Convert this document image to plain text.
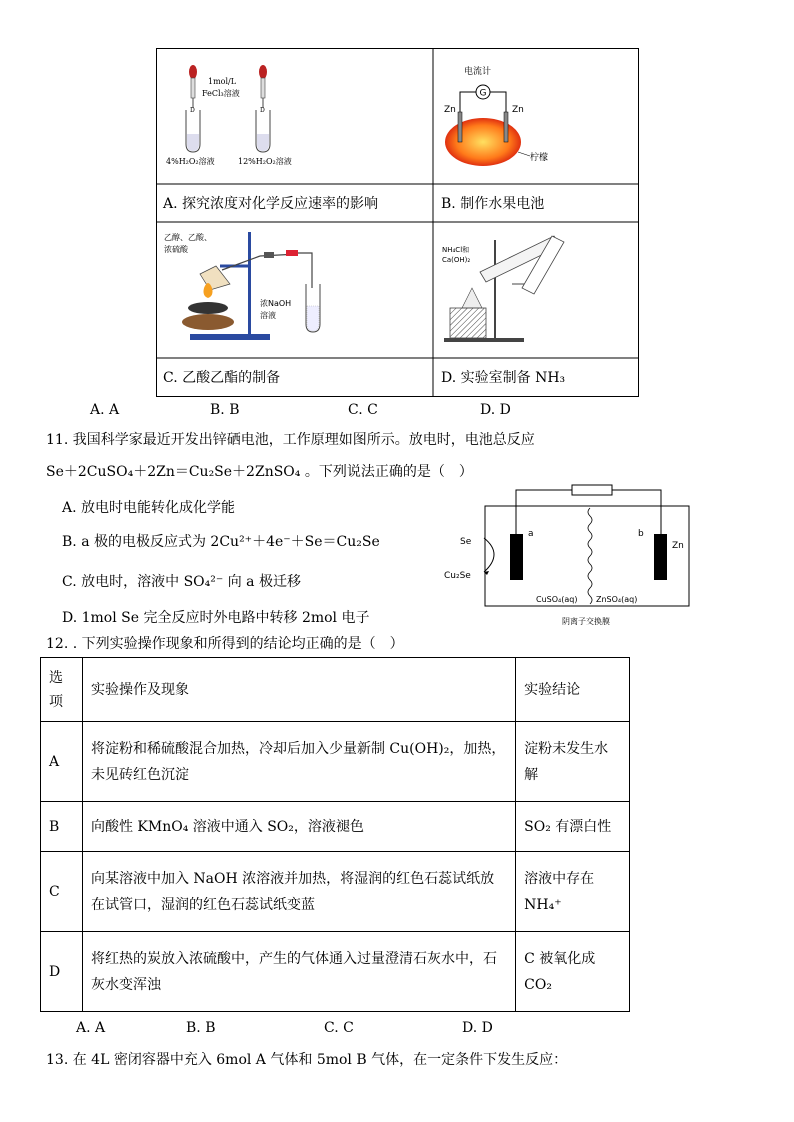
1mol/L
FeCl₃溶液
D	D
4%H₂O₂溶液	12%H₂O₂溶液
电流计
G
Zn	Zn
柠檬
A. 探究浓度对化学反应速率的影响	B. 制作水果电池
乙醇、乙酸、
浓硫酸
浓NaOH
溶液
NH₄Cl和
Ca(OH)₂
C. 乙酸乙酯的制备	D. 实验室制备 NH₃
A. A	B. B	C. C	D. D
11. 我国科学家最近开发出锌硒电池，工作原理如图所示。放电时，电池总反应
Se＋2CuSO₄＋2Zn＝Cu₂Se＋2ZnSO₄ 。下列说法正确的是（　）
A. 放电时电能转化成化学能
B. a 极的电极反应式为 2Cu²⁺＋4e⁻＋Se＝Cu₂Se
C. 放电时，溶液中 SO₄²⁻ 向 a 极迁移
D. 1mol Se 完全反应时外电路中转移 2mol 电子
Se
Cu₂Se
a	b
Zn
CuSO₄(aq) ZnSO₄(aq)
阴离子交换膜
12. . 下列实验操作现象和所得到的结论均正确的是（　）
选项	实验操作及现象	实验结论
A	将淀粉和稀硫酸混合加热，冷却后加入少量新制 Cu(OH)₂，加热，未见砖红色沉淀	淀粉未发生水解
B	向酸性 KMnO₄ 溶液中通入 SO₂，溶液褪色	SO₂ 有漂白性
C	向某溶液中加入 NaOH 浓溶液并加热，将湿润的红色石蕊试纸放在试管口，湿润的红色石蕊试纸变蓝	溶液中存在 NH₄⁺
D	将红热的炭放入浓硫酸中，产生的气体通入过量澄清石灰水中，石灰水变浑浊	C 被氧化成 CO₂
A. A	B. B	C. C	D. D
13. 在 4L 密闭容器中充入 6mol A 气体和 5mol B 气体，在一定条件下发生反应：
